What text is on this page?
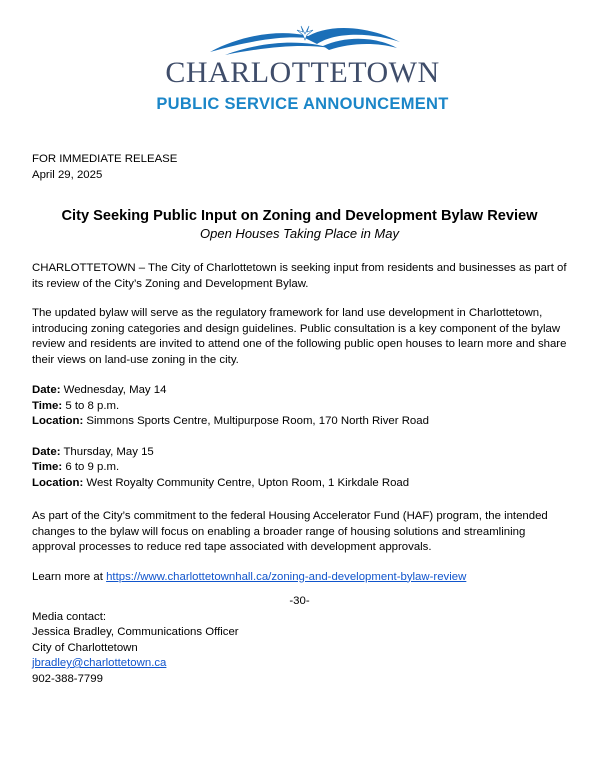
CHARLOTTETOWN
PUBLIC SERVICE ANNOUNCEMENT

FOR IMMEDIATE RELEASE

April 29, 2025

City Seeking Public Input on Zoning and Development Bylaw Review
Open Houses Taking Place in May

CHARLOTTETOWN – The City of Charlottetown is seeking input from residents and businesses as part of its review of the City’s Zoning and Development Bylaw.

The updated bylaw will serve as the regulatory framework for land use development in Charlottetown, introducing zoning categories and design guidelines. Public consultation is a key component of the bylaw review and residents are invited to attend one of the following public open houses to learn more and share their views on land-use zoning in the city.

Date: Wednesday, May 14
Time: 5 to 8 p.m.
Location: Simmons Sports Centre, Multipurpose Room, 170 North River Road
Date: Thursday, May 15
Time: 6 to 9 p.m.
Location: West Royalty Community Centre, Upton Room, 1 Kirkdale Road

As part of the City’s commitment to the federal Housing Accelerator Fund (HAF) program, the intended changes to the bylaw will focus on enabling a broader range of housing solutions and streamlining approval processes to reduce red tape associated with development approvals.

Learn more at https://www.charlottetownhall.ca/zoning-and-development-bylaw-review

-30-
Media contact:
Jessica Bradley, Communications Officer
City of Charlottetown
jbradley@charlottetown.ca
902-388-7799
